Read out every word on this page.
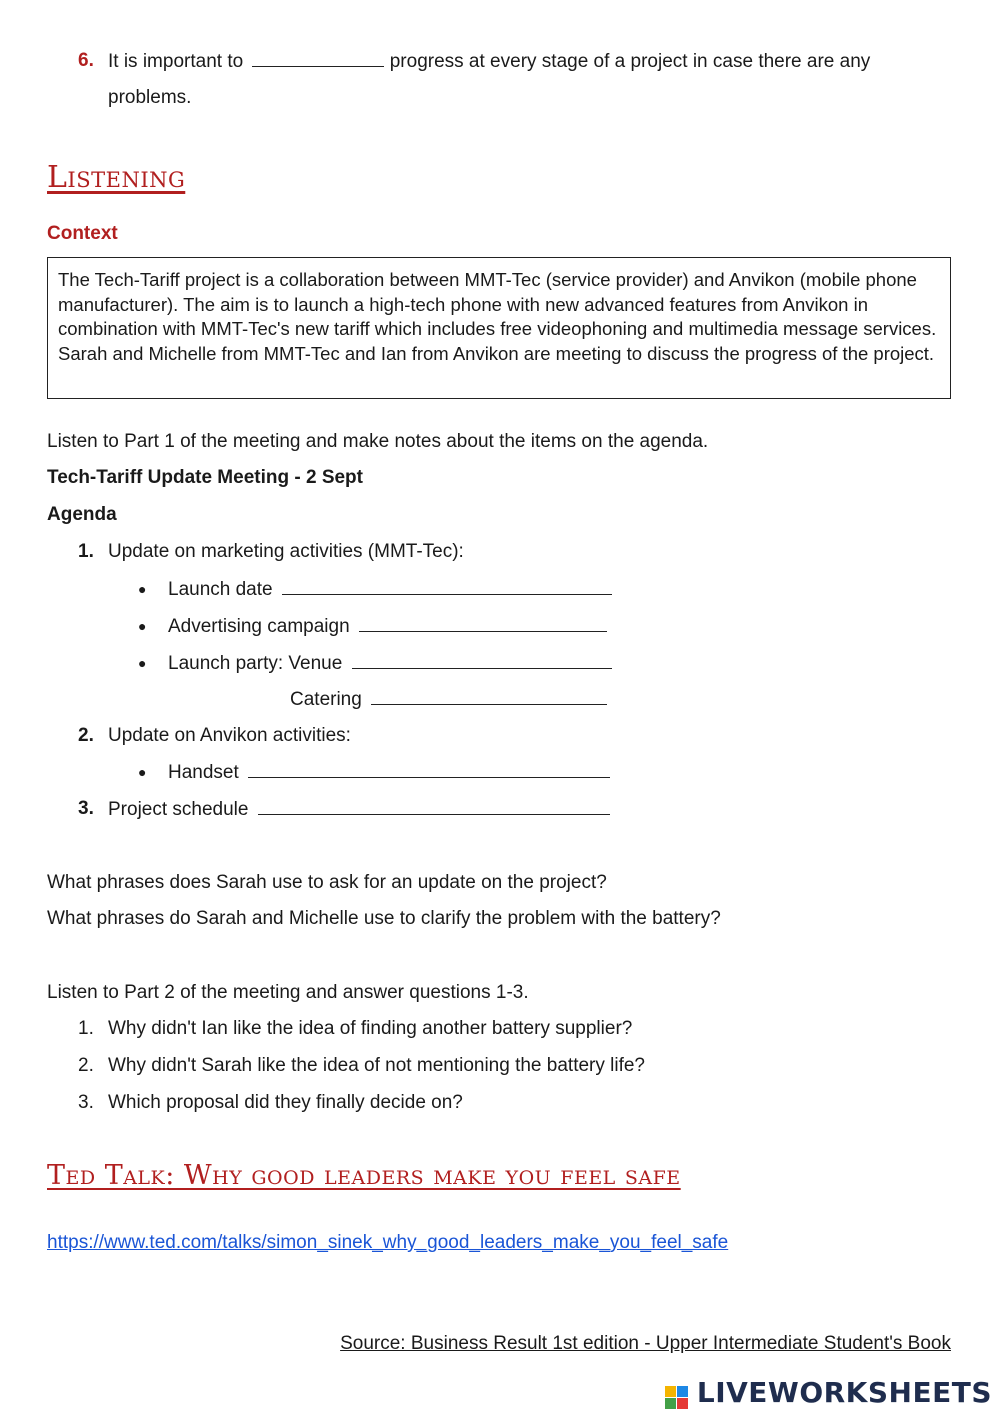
6. It is important to	progress at every stage of a project in case there are any
problems.
Listening
Context

The Tech-Tariff project is a collaboration between MMT-Tec (service provider) and Anvikon (mobile phone manufacturer). The aim is to launch a high-tech phone with new advanced features from Anvikon in combination with MMT-Tec's new tariff which includes free videophoning and multimedia message services. Sarah and Michelle from MMT-Tec and Ian from Anvikon are meeting to discuss the progress of the project.

Listen to Part 1 of the meeting and make notes about the items on the agenda.
Tech-Tariff Update Meeting - 2 Sept
Agenda
1. Update on marketing activities (MMT-Tec):
● Launch date
● Advertising campaign
● Launch party: Venue
Catering
2. Update on Anvikon activities:
● Handset
3. Project schedule
What phrases does Sarah use to ask for an update on the project?
What phrases do Sarah and Michelle use to clarify the problem with the battery?
Listen to Part 2 of the meeting and answer questions 1-3.
1. Why didn't Ian like the idea of finding another battery supplier?
2. Why didn't Sarah like the idea of not mentioning the battery life?
3. Which proposal did they finally decide on?
Ted Talk: Why good leaders make you feel safe
https://www.ted.com/talks/simon_sinek_why_good_leaders_make_you_feel_safe
Source: Business Result 1st edition - Upper Intermediate Student's Book
LIVEWORKSHEETS
